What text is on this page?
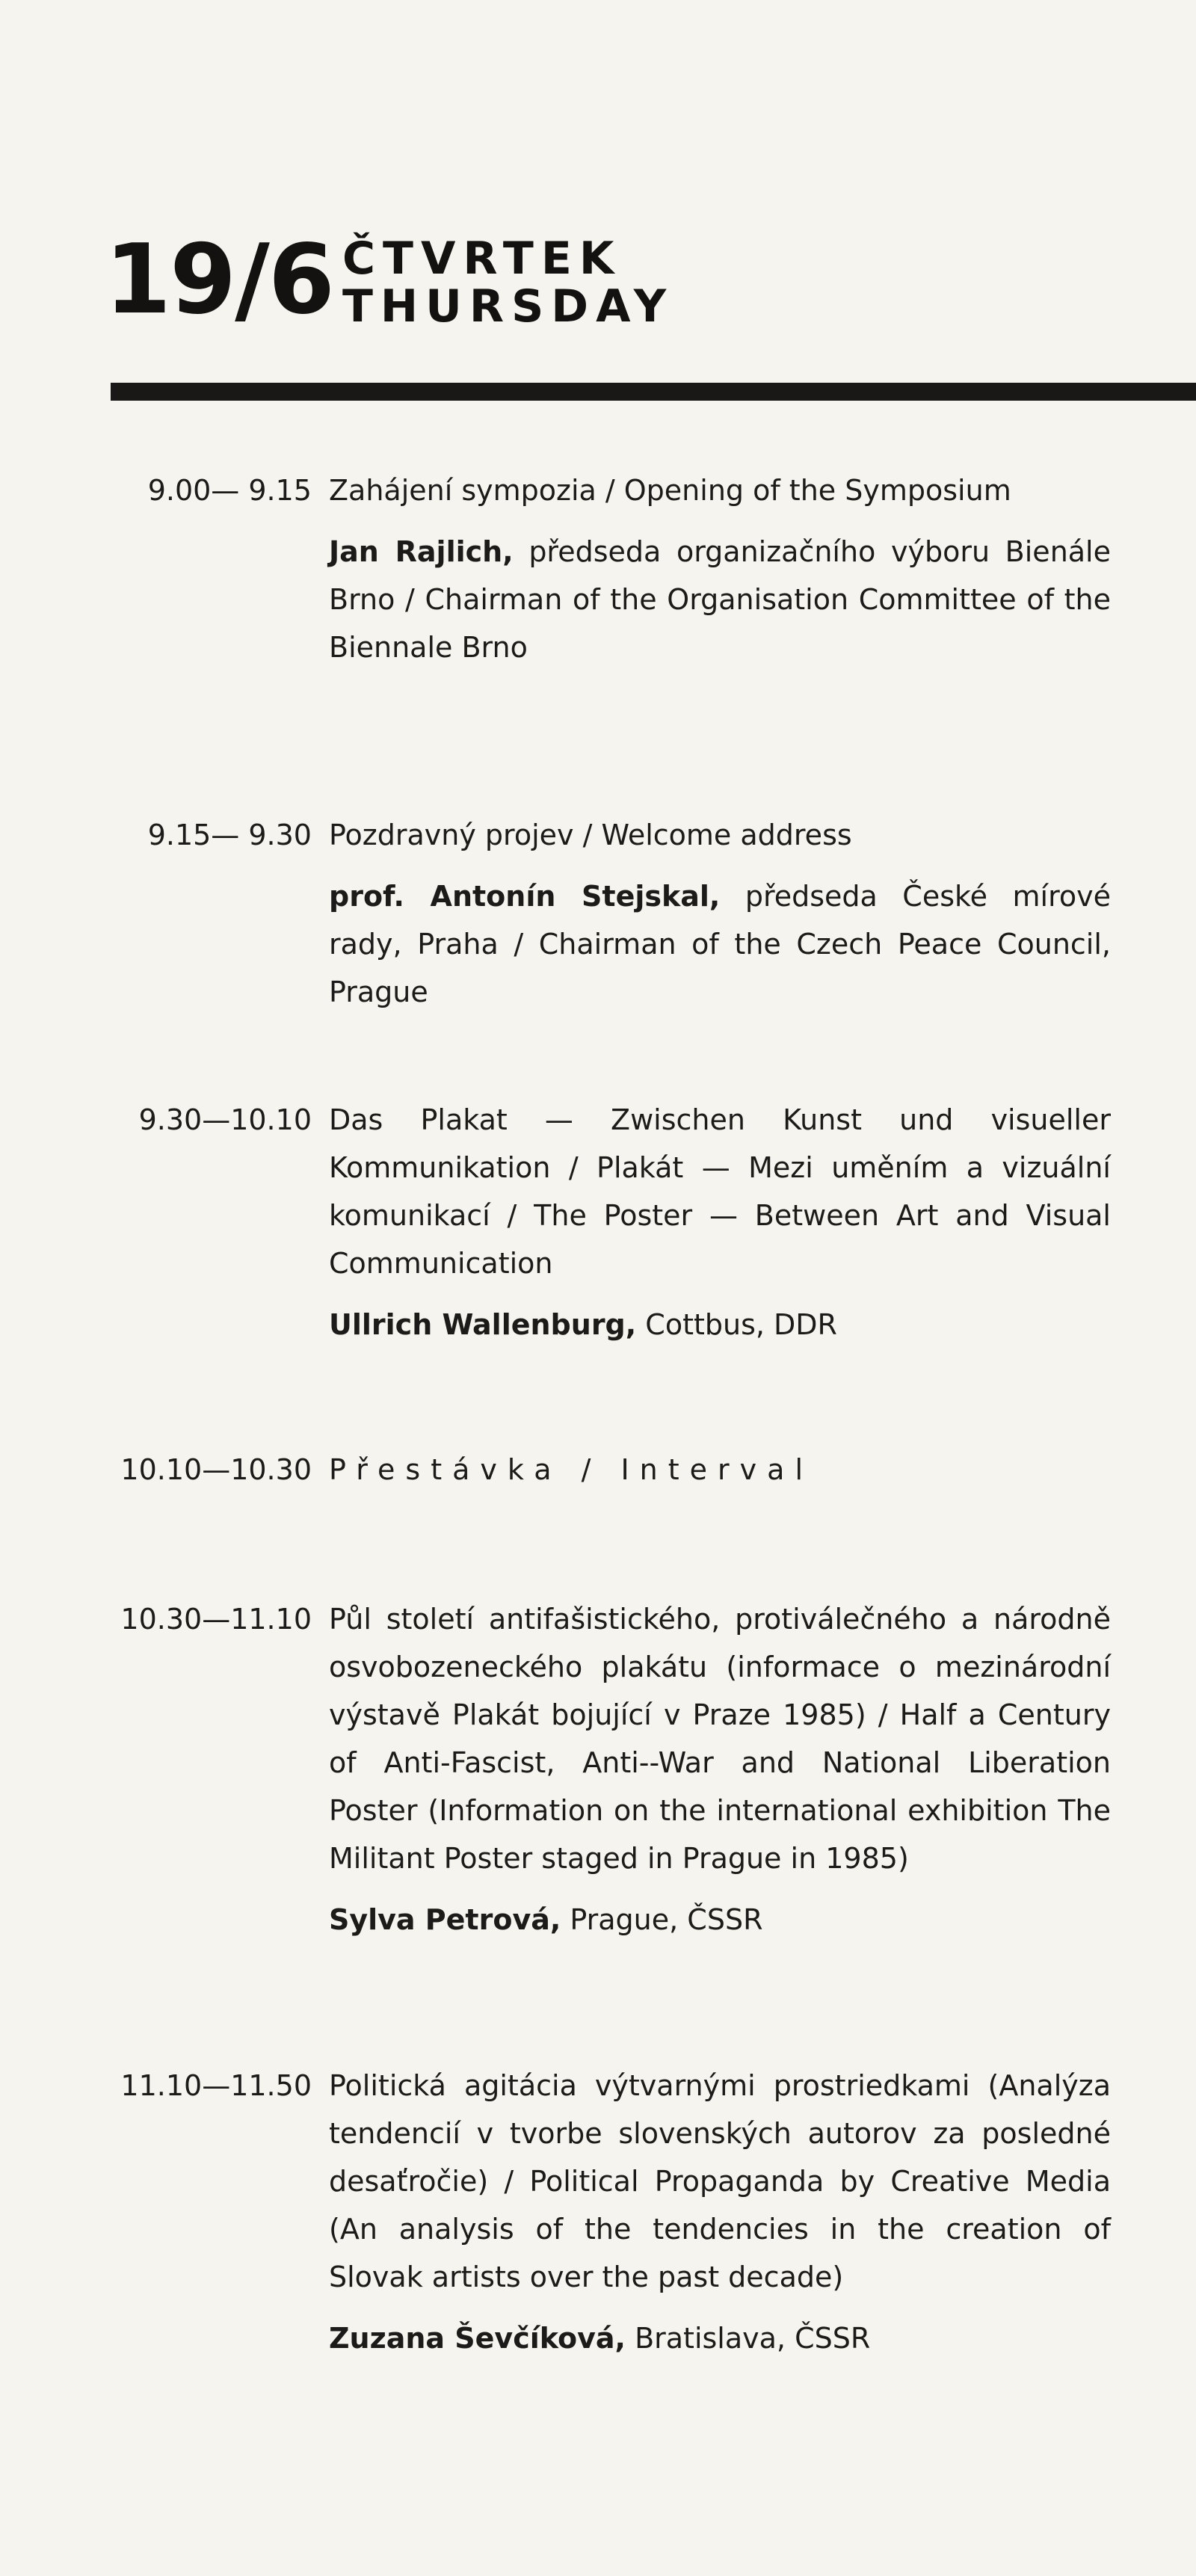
19/6 ČTVRTEK
THURSDAY
9.00— 9.15 Zahájení sympozia / Opening of the Symposium

Jan Rajlich, předseda organizačního výboru Bienále Brno / Chairman of the Organisation Committee of the Biennale Brno

9.15— 9.30 Pozdravný projev / Welcome address

prof. Antonín Stejskal, předseda České mírové rady, Praha / Chairman of the Czech Peace Council, Prague

9.30—10.10 Das Plakat — Zwischen Kunst und visueller Kommunikation / Plakát — Mezi uměním a vizuální komunikací / The Poster — Between Art and Visual Communication

Ullrich Wallenburg, Cottbus, DDR

10.10—10.30 Přestávka / Interval

10.30—11.10 Půl století antifašistického, protiválečného a národně osvobozeneckého plakátu (informace o mezinárodní výstavě Plakát bojující v Praze 1985) / Half a Century of Anti-Fascist, Anti--War and National Liberation Poster (Information on the international exhibition The Militant Poster staged in Prague in 1985)

Sylva Petrová, Prague, ČSSR

11.10—11.50 Politická agitácia výtvarnými prostriedkami (Analýza tendencií v tvorbe slovenských autorov za posledné desaťročie) / Political Propaganda by Creative Media (An analysis of the tendencies in the creation of Slovak artists over the past decade)

Zuzana Ševčíková, Bratislava, ČSSR
